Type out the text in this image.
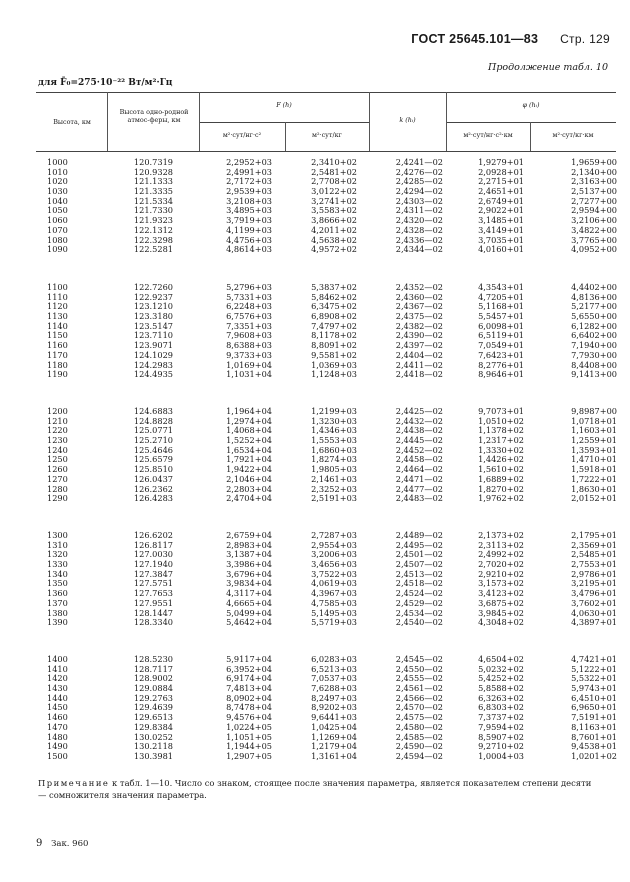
ГОСТ 25645.101—83 Стр. 129
Продолжение табл. 10
для F̄₀=275·10⁻²² Вт/м²·Гц
Высота, км
Высота одно-родной атмос-феры, км
F (h)
м²·сут/нг·с²	м²·сут/кг
k (hᵢ)
φ (hᵢ)
м²·сут/нг·с²·км	м²·сут/кг·км
1000	120.7319	2,2952+03	2,3410+02	2,4241—02	1,9279+01	1,9659+00
1010	120.9328	2,4991+03	2,5481+02	2,4276—02	2,0928+01	2,1340+00
1020	121.1333	2,7172+03	2,7708+02	2,4285—02	2,2715+01	2,3163+00
1030	121.3335	2,9539+03	3,0122+02	2,4294—02	2,4651+01	2,5137+00
1040	121.5334	3,2108+03	3,2741+02	2,4303—02	2,6749+01	2,7277+00
1050	121.7330	3,4895+03	3,5583+02	2,4311—02	2,9022+01	2,9594+00
1060	121.9323	3,7919+03	3,8666+02	2,4320—02	3,1485+01	3,2106+00
1070	122.1312	4,1199+03	4,2011+02	2,4328—02	3,4149+01	3,4822+00
1080	122.3298	4,4756+03	4,5638+02	2,4336—02	3,7035+01	3,7765+00
1090	122.5281	4,8614+03	4,9572+02	2,4344—02	4,0160+01	4,0952+00
1100	122.7260	5,2796+03	5,3837+02	2,4352—02	4,3543+01	4,4402+00
1110	122.9237	5,7331+03	5,8462+02	2,4360—02	4,7205+01	4,8136+00
1120	123.1210	6,2248+03	6,3475+02	2,4367—02	5,1168+01	5,2177+00
1130	123.3180	6,7576+03	6,8908+02	2,4375—02	5,5457+01	5,6550+00
1140	123.5147	7,3351+03	7,4797+02	2,4382—02	6,0098+01	6,1282+00
1150	123.7110	7,9608+03	8,1178+02	2,4390—02	6,5119+01	6,6402+00
1160	123.9071	8,6388+03	8,8091+02	2,4397—02	7,0549+01	7,1940+00
1170	124.1029	9,3733+03	9,5581+02	2,4404—02	7,6423+01	7,7930+00
1180	124.2983	1,0169+04	1,0369+03	2,4411—02	8,2776+01	8,4408+00
1190	124.4935	1,1031+04	1,1248+03	2,4418—02	8,9646+01	9,1413+00
1200	124.6883	1,1964+04	1,2199+03	2,4425—02	9,7073+01	9,8987+00
1210	124.8828	1,2974+04	1,3230+03	2,4432—02	1,0510+02	1,0718+01
1220	125.0771	1,4068+04	1,4346+03	2,4438—02	1,1378+02	1,1603+01
1230	125.2710	1,5252+04	1,5553+03	2,4445—02	1,2317+02	1,2559+01
1240	125.4646	1,6534+04	1,6860+03	2,4452—02	1,3330+02	1,3593+01
1250	125.6579	1,7921+04	1,8274+03	2,4458—02	1,4426+02	1,4710+01
1260	125.8510	1,9422+04	1,9805+03	2,4464—02	1,5610+02	1,5918+01
1270	126.0437	2,1046+04	2,1461+03	2,4471—02	1,6889+02	1,7222+01
1280	126.2362	2,2803+04	2,3252+03	2,4477—02	1,8270+02	1,8630+01
1290	126.4283	2,4704+04	2,5191+03	2,4483—02	1,9762+02	2,0152+01
1300	126.6202	2,6759+04	2,7287+03	2,4489—02	2,1373+02	2,1795+01
1310	126.8117	2,8983+04	2,9554+03	2,4495—02	2,3113+02	2,3569+01
1320	127.0030	3,1387+04	3,2006+03	2,4501—02	2,4992+02	2,5485+01
1330	127.1940	3,3986+04	3,4656+03	2,4507—02	2,7020+02	2,7553+01
1340	127.3847	3,6796+04	3,7522+03	2,4513—02	2,9210+02	2,9786+01
1350	127.5751	3,9834+04	4,0619+03	2,4518—02	3,1573+02	3,2195+01
1360	127.7653	4,3117+04	4,3967+03	2,4524—02	3,4123+02	3,4796+01
1370	127.9551	4,6665+04	4,7585+03	2,4529—02	3,6875+02	3,7602+01
1380	128.1447	5,0499+04	5,1495+03	2,4534—02	3,9845+02	4,0630+01
1390	128.3340	5,4642+04	5,5719+03	2,4540—02	4,3048+02	4,3897+01
1400	128.5230	5,9117+04	6,0283+03	2,4545—02	4,6504+02	4,7421+01
1410	128.7117	6,3952+04	6,5213+03	2,4550—02	5,0232+02	5,1222+01
1420	128.9002	6,9174+04	7,0537+03	2,4555—02	5,4252+02	5,5322+01
1430	129.0884	7,4813+04	7,6288+03	2,4561—02	5,8588+02	5,9743+01
1440	129.2763	8,0902+04	8,2497+03	2,4566—02	6,3263+02	6,4510+01
1450	129.4639	8,7478+04	8,9202+03	2,4570—02	6,8303+02	6,9650+01
1460	129.6513	9,4576+04	9,6441+03	2,4575—02	7,3737+02	7,5191+01
1470	129.8384	1,0224+05	1,0425+04	2,4580—02	7,9594+02	8,1163+01
1480	130.0252	1,1051+05	1,1269+04	2,4585—02	8,5907+02	8,7601+01
1490	130.2118	1,1944+05	1,2179+04	2,4590—02	9,2710+02	9,4538+01
1500	130.3981	1,2907+05	1,3161+04	2,4594—02	1,0004+03	1,0201+02
Примечание к табл. 1—10. Число со знаком, стоящее после значения параметра, является показателем степени десяти — сомножителя значения параметра.
9 Зак. 960
